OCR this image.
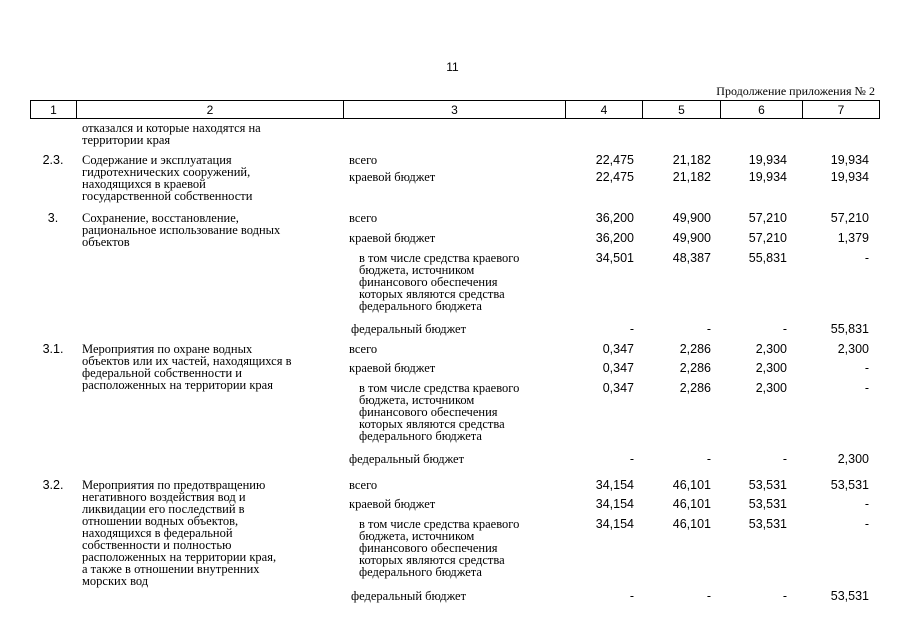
11
Продолжение приложения № 2
1	2	3	4	5	6	7
отказался и которые находятся на
территории края
2.3.	Содержание и эксплуатация
гидротехнических сооружений,
находящихся в краевой
государственной собственности
всего	22,475	21,182	19,934	19,934
краевой бюджет	22,475	21,182	19,934	19,934
3.	Сохранение, восстановление,
рациональное использование водных
объектов
всего	36,200	49,900	57,210	57,210
краевой бюджет	36,200	49,900	57,210	1,379
в том числе средства краевого
бюджета, источником
финансового обеспечения
которых являются средства
федерального бюджета
34,501	48,387	55,831	-
федеральный бюджет	-	-	-	55,831
3.1.	Мероприятия по охране водных
объектов или их частей, находящихся в
федеральной собственности и
расположенных на территории края
всего	0,347	2,286	2,300	2,300
краевой бюджет	0,347	2,286	2,300	-
в том числе средства краевого
бюджета, источником
финансового обеспечения
которых являются средства
федерального бюджета
0,347	2,286	2,300	-
федеральный бюджет	-	-	-	2,300
3.2.	Мероприятия по предотвращению
негативного воздействия вод и
ликвидации его последствий в
отношении водных объектов,
находящихся в федеральной
собственности и полностью
расположенных на территории края,
а также в отношении внутренних
морских вод
всего	34,154	46,101	53,531	53,531
краевой бюджет	34,154	46,101	53,531	-
в том числе средства краевого
бюджета, источником
финансового обеспечения
которых являются средства
федерального бюджета
34,154	46,101	53,531	-
федеральный бюджет	-	-	-	53,531
